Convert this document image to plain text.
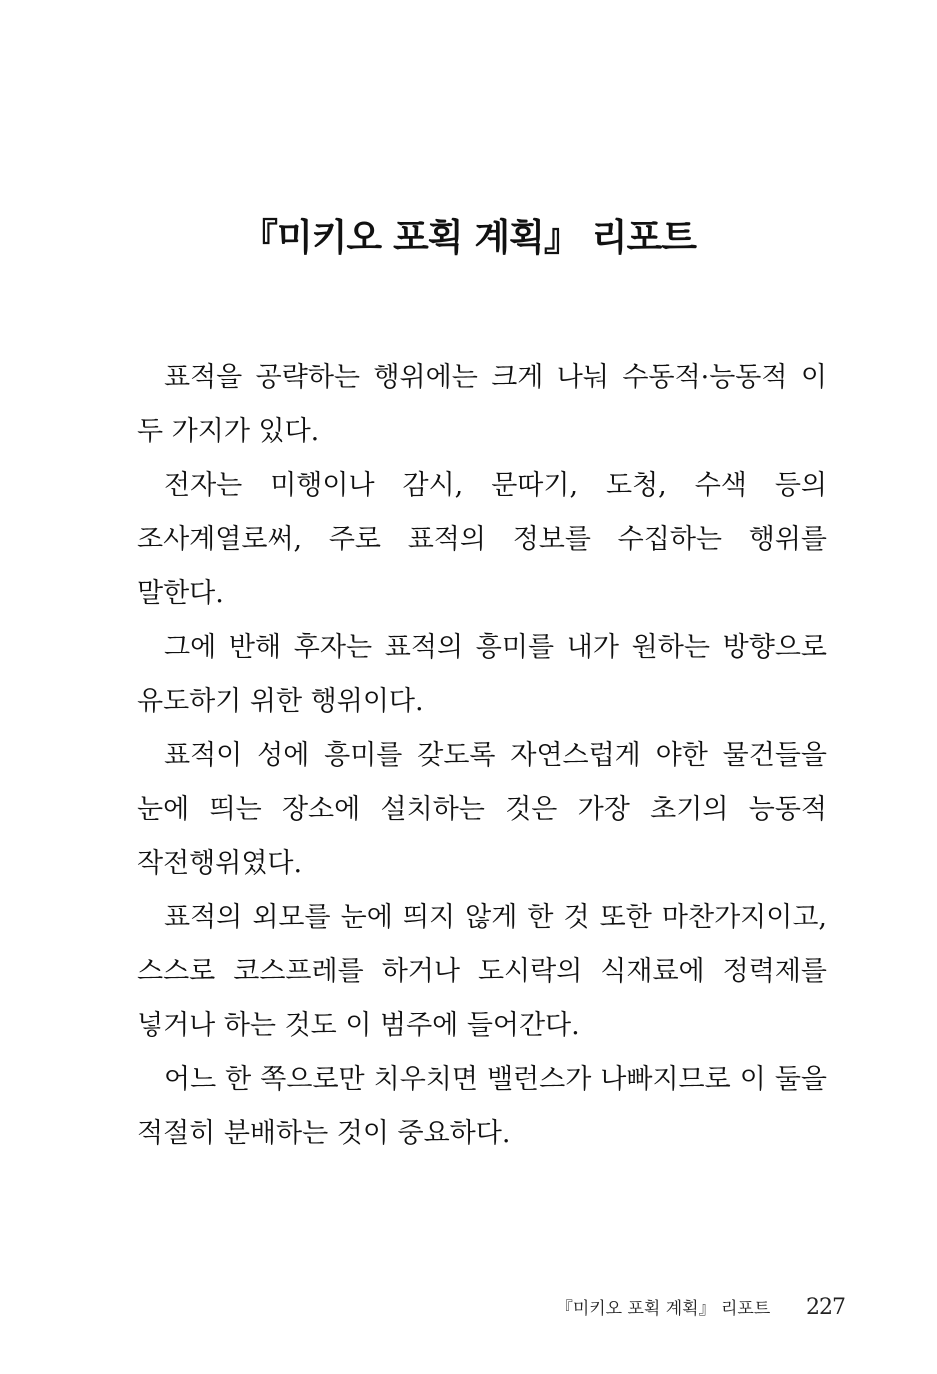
『미키오 포획 계획』 리포트

표적을 공략하는 행위에는 크게 나눠 수동적·능동적 이 두 가지가 있다.

전자는 미행이나 감시, 문따기, 도청, 수색 등의 조사계열로써, 주로 표적의 정보를 수집하는 행위를 말한다.

그에 반해 후자는 표적의 흥미를 내가 원하는 방향으로 유도하기 위한 행위이다.

표적이 성에 흥미를 갖도록 자연스럽게 야한 물건들을 눈에 띄는 장소에 설치하는 것은 가장 초기의 능동적 작전행위였다.

표적의 외모를 눈에 띄지 않게 한 것 또한 마찬가지이고, 스스로 코스프레를 하거나 도시락의 식재료에 정력제를 넣거나 하는 것도 이 범주에 들어간다.

어느 한 쪽으로만 치우치면 밸런스가 나빠지므로 이 둘을 적절히 분배하는 것이 중요하다.

『미키오 포획 계획』 리포트 227
